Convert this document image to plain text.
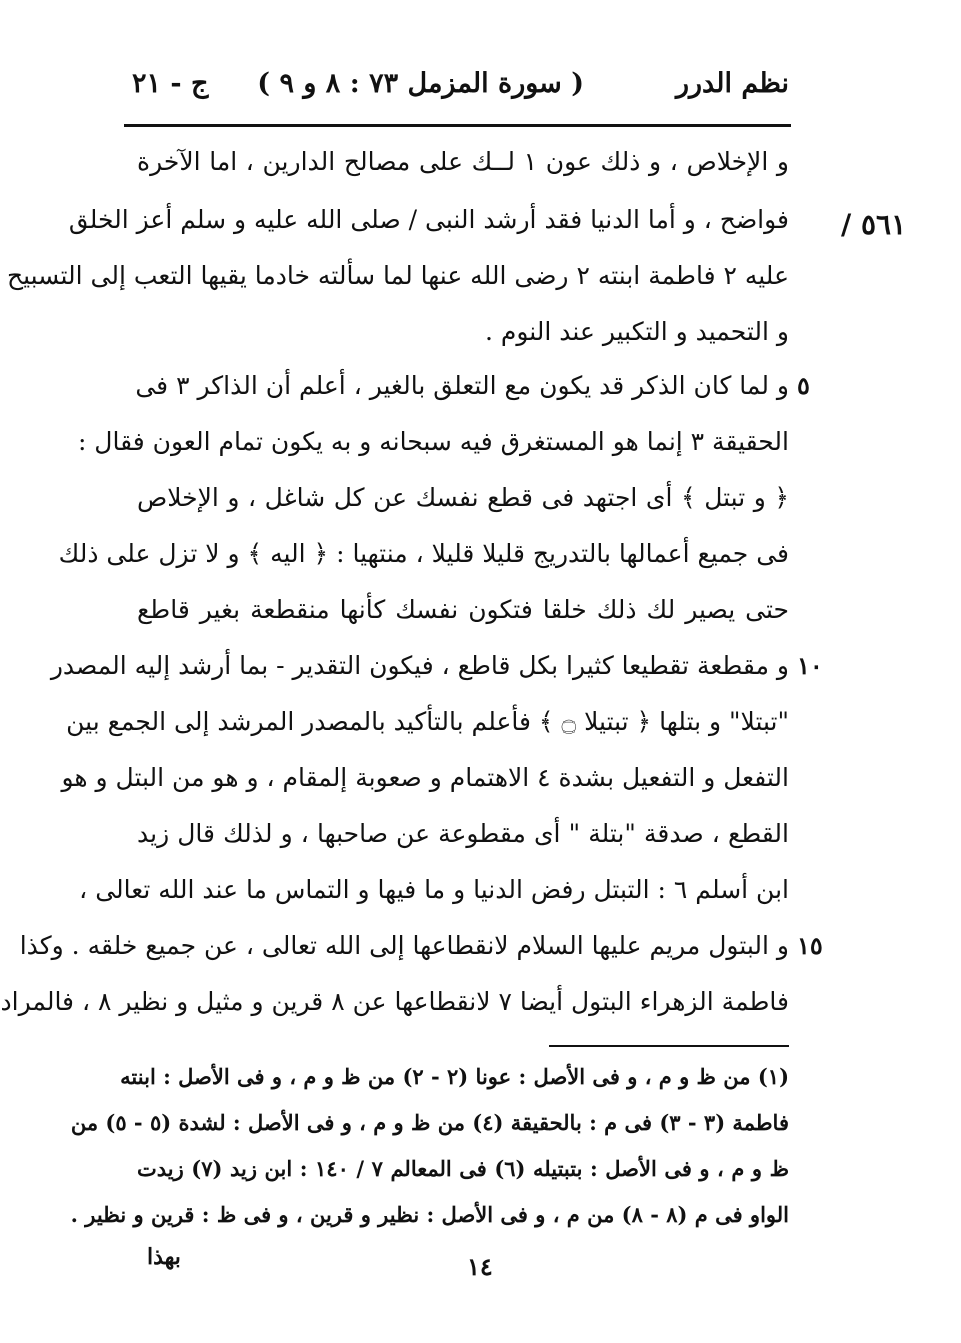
نظم الدرر
( سورة المزمل ٧٣ : ٨ و ٩ )
ج - ٢١
٥٦١ /
و الإخلاص ، و ذلك عون ١ لــك على مصالح الدارين ، اما الآخرة
فواضح ، و أما الدنيا فقد أرشد النبى / صلى الله عليه و سلم أعز الخلق
عليه ٢ فاطمة ابنته ٢ رضى الله عنها لما سألته خادما يقيها التعب إلى التسبيح
و التحميد و التكبير عند النوم .
٥
و لما كان الذكر قد يكون مع التعلق بالغير ، أعلم أن الذاكر ٣ فى
الحقيقة ٣ إنما هو المستغرق فيه سبحانه و به يكون تمام العون فقال :
﴿ و تبتل ﴾ أى اجتهد فى قطع نفسك عن كل شاغل ، و الإخلاص
فى جميع أعمالها بالتدريج قليلا قليلا ، منتهيا : ﴿ اليه ﴾ و لا تزل على ذلك
حتى يصير لك ذلك خلقا فتكون نفسك كأنها منقطعة بغير قاطع
١٠
و مقطعة تقطيعا كثيرا بكل قاطع ، فيكون التقدير - بما أرشد إليه المصدر
"تبتلا" و بتلها ﴿ تبتيلا ۝ ﴾ فأعلم بالتأكيد بالمصدر المرشد إلى الجمع بين
التفعل و التفعيل بشدة ٤ الاهتمام و صعوبة إلمقام ، و هو من البتل و هو
القطع ، صدقة "بتلة " أى مقطوعة عن صاحبها ، و لذلك قال زيد
ابن أسلم ٦ : التبتل رفض الدنيا و ما فيها و التماس ما عند الله تعالى ،
١٥
و البتول مريم عليها السلام لانقطاعها إلى الله تعالى ، عن جميع خلقه . وكذا
فاطمة الزهراء البتول أيضا ٧ لانقطاعها عن ٨ قرين و مثيل و نظير ٨ ، فالمراد
(١) من ظ و م ، و فى الأصل : عونا (٢ - ٢) من ظ و م ، و فى الأصل : ابنته
فاطمة (٣ - ٣) فى م : بالحقيقة (٤) من ظ و م ، و فى الأصل : لشدة (٥ - ٥) من
ظ و م ، و فى الأصل : بتبتيله (٦) فى المعالم ٧ / ١٤٠ : ابن زيد (٧) زيدت
الواو فى م (٨ - ٨) من م ، و فى الأصل : نظير و قرين ، و فى ظ : قرين و نظير .
بهذا	١٤
